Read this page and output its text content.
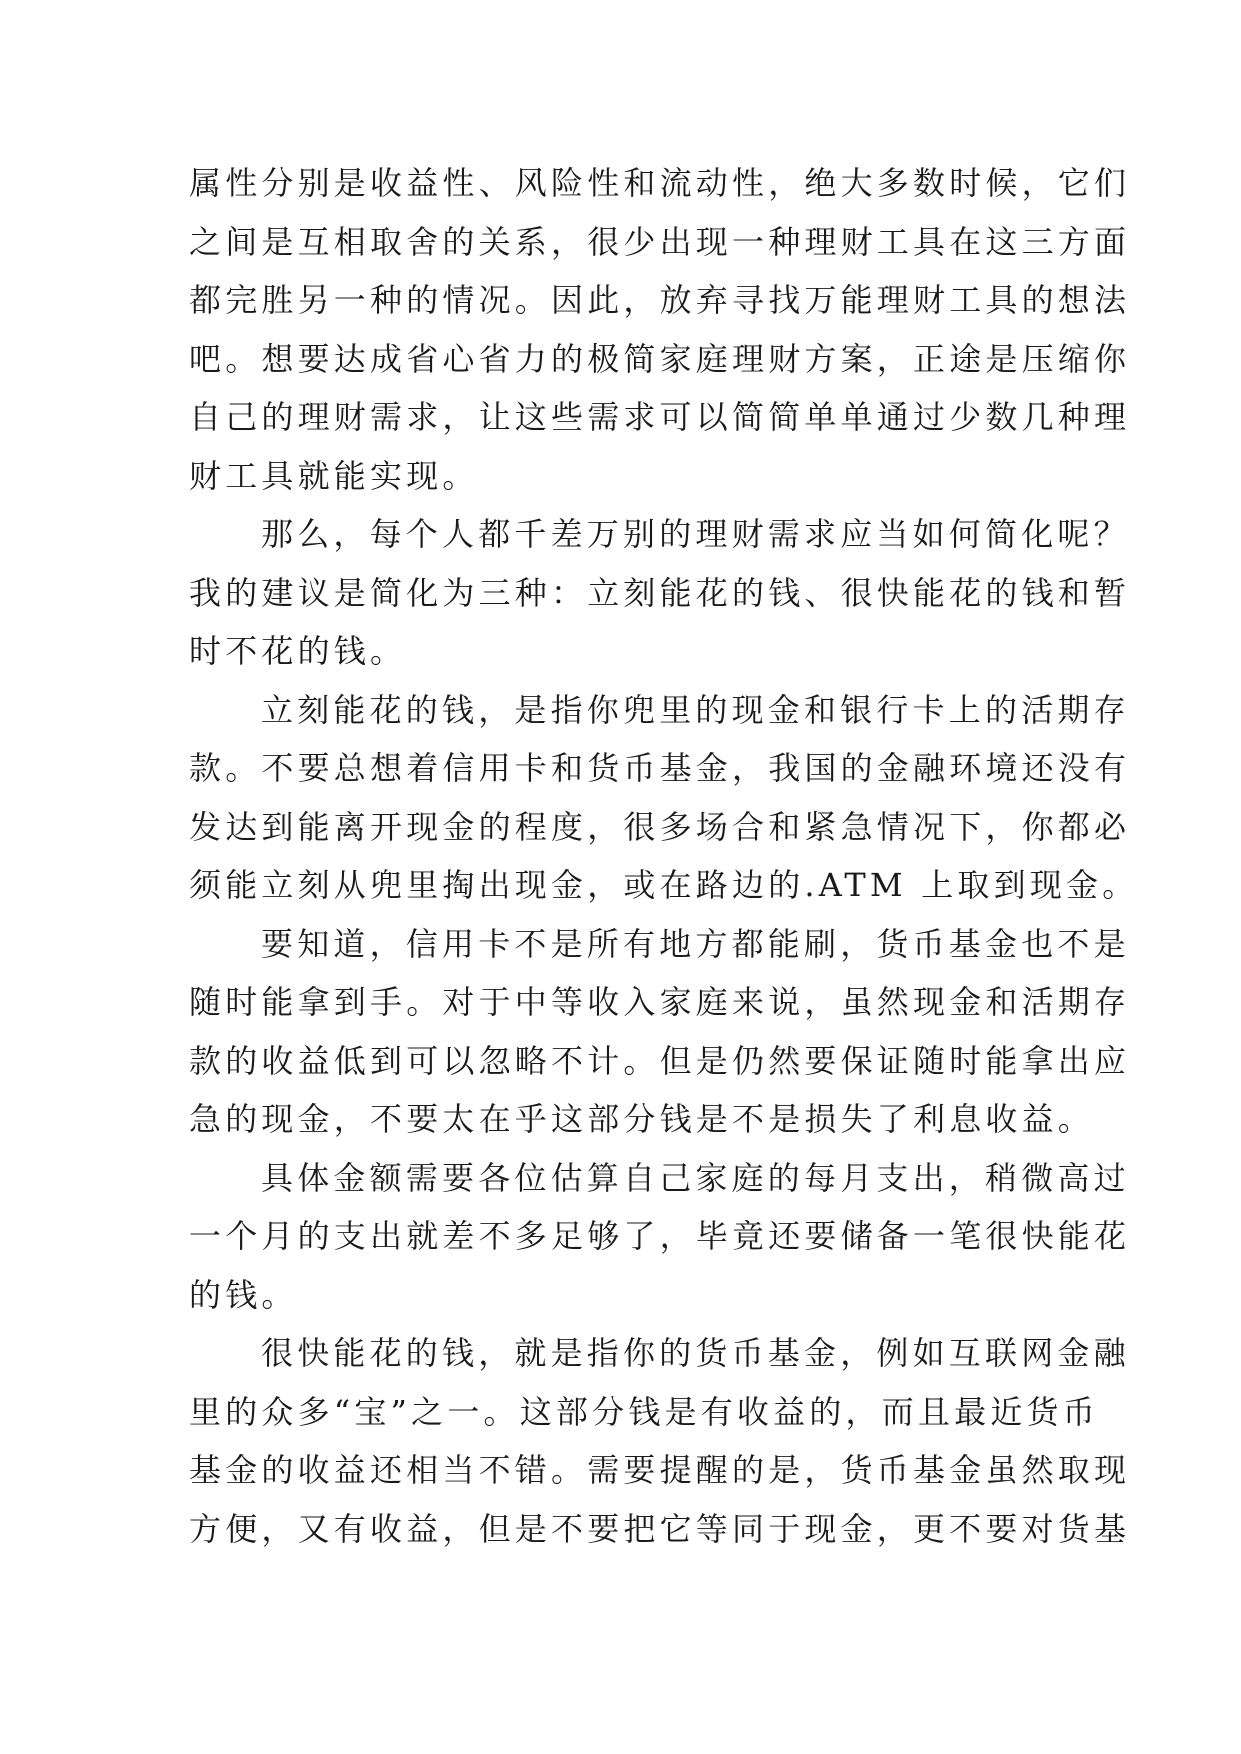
属性分别是收益性、风险性和流动性，绝大多数时候，它们
之间是互相取舍的关系，很少出现一种理财工具在这三方面
都完胜另一种的情况。因此，放弃寻找万能理财工具的想法
吧。想要达成省心省力的极简家庭理财方案，正途是压缩你
自己的理财需求，让这些需求可以简简单单通过少数几种理
财工具就能实现。
那么，每个人都千差万别的理财需求应当如何简化呢？
我的建议是简化为三种：立刻能花的钱、很快能花的钱和暂
时不花的钱。
立刻能花的钱，是指你兜里的现金和银行卡上的活期存
款。不要总想着信用卡和货币基金，我国的金融环境还没有
发达到能离开现金的程度，很多场合和紧急情况下，你都必
须能立刻从兜里掏出现金，或在路边的.ATM 上取到现金。
要知道，信用卡不是所有地方都能刷，货币基金也不是
随时能拿到手。对于中等收入家庭来说，虽然现金和活期存
款的收益低到可以忽略不计。但是仍然要保证随时能拿出应
急的现金，不要太在乎这部分钱是不是损失了利息收益。
具体金额需要各位估算自己家庭的每月支出，稍微高过
一个月的支出就差不多足够了，毕竟还要储备一笔很快能花
的钱。
很快能花的钱，就是指你的货币基金，例如互联网金融
里的众多“宝”之一。这部分钱是有收益的，而且最近货币
基金的收益还相当不错。需要提醒的是，货币基金虽然取现
方便，又有收益，但是不要把它等同于现金，更不要对货基
